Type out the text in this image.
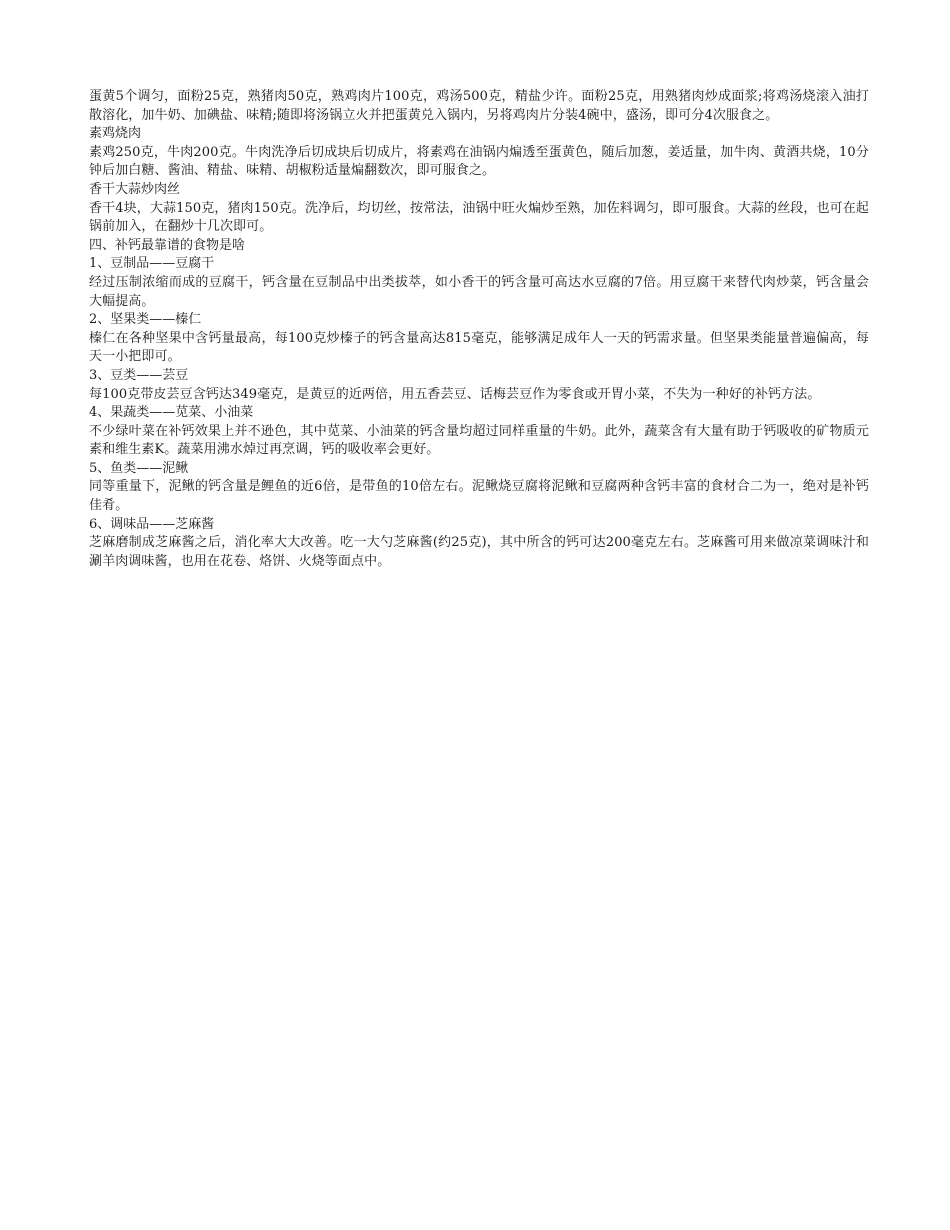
蛋黄5个调匀，面粉25克，熟猪肉50克，熟鸡肉片100克，鸡汤500克，精盐少许。面粉25克，用熟猪肉炒成面浆;将鸡汤烧滚入油打散溶化，加牛奶、加碘盐、味精;随即将汤锅立火并把蛋黄兑入锅内，另将鸡肉片分装4碗中，盛汤，即可分4次服食之。

素鸡烧肉

素鸡250克，牛肉200克。牛肉洗净后切成块后切成片，将素鸡在油锅内煸透至蛋黄色，随后加葱，姜适量，加牛肉、黄酒共烧，10分钟后加白糖、酱油、精盐、味精、胡椒粉适量煸翻数次，即可服食之。

香干大蒜炒肉丝

香干4块，大蒜150克，猪肉150克。洗净后，均切丝，按常法，油锅中旺火煸炒至熟，加佐料调匀，即可服食。大蒜的丝段，也可在起锅前加入，在翻炒十几次即可。

四、补钙最靠谱的食物是啥

1、豆制品——豆腐干

经过压制浓缩而成的豆腐干，钙含量在豆制品中出类拔萃，如小香干的钙含量可高达水豆腐的7倍。用豆腐干来替代肉炒菜，钙含量会大幅提高。

2、坚果类——榛仁

榛仁在各种坚果中含钙量最高，每100克炒榛子的钙含量高达815毫克，能够满足成年人一天的钙需求量。但坚果类能量普遍偏高，每天一小把即可。

3、豆类——芸豆

每100克带皮芸豆含钙达349毫克，是黄豆的近两倍，用五香芸豆、话梅芸豆作为零食或开胃小菜，不失为一种好的补钙方法。

4、果蔬类——苋菜、小油菜

不少绿叶菜在补钙效果上并不逊色，其中苋菜、小油菜的钙含量均超过同样重量的牛奶。此外，蔬菜含有大量有助于钙吸收的矿物质元素和维生素K。蔬菜用沸水焯过再烹调，钙的吸收率会更好。

5、鱼类——泥鳅

同等重量下，泥鳅的钙含量是鲤鱼的近6倍，是带鱼的10倍左右。泥鳅烧豆腐将泥鳅和豆腐两种含钙丰富的食材合二为一，绝对是补钙佳肴。

6、调味品——芝麻酱

芝麻磨制成芝麻酱之后，消化率大大改善。吃一大勺芝麻酱(约25克)，其中所含的钙可达200毫克左右。芝麻酱可用来做凉菜调味汁和涮羊肉调味酱，也用在花卷、烙饼、火烧等面点中。
